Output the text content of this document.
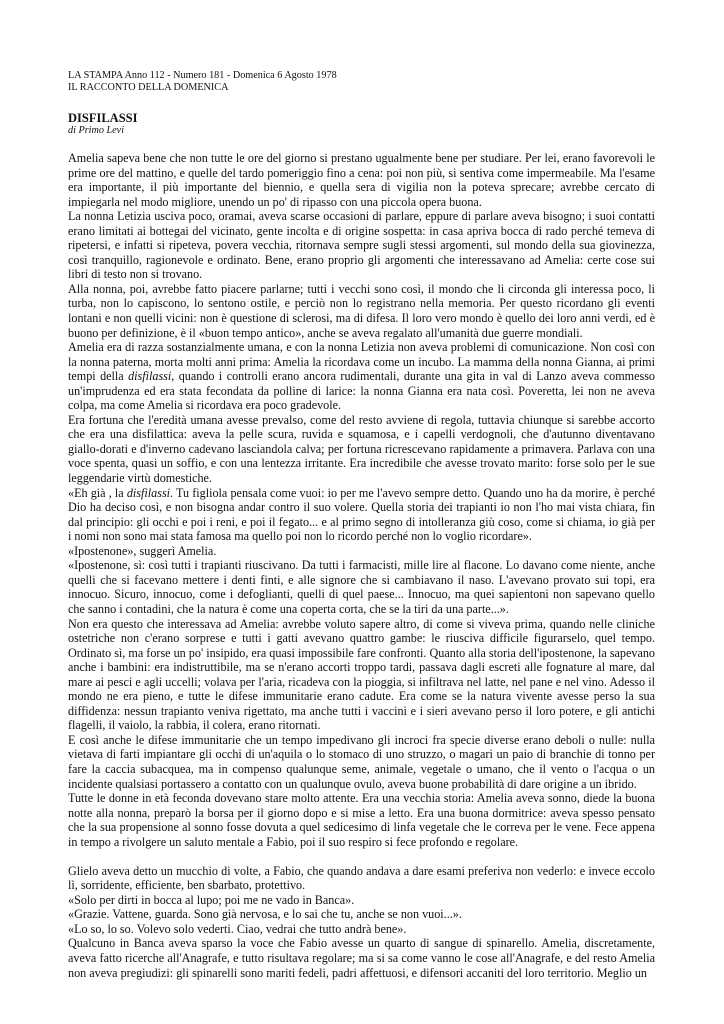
LA STAMPA Anno 112 - Numero 181 - Domenica 6 Agosto 1978

IL RACCONTO DELLA DOMENICA

DISFILASSI

di Primo Levi

Amelia sapeva bene che non tutte le ore del giorno si prestano ugualmente bene per studiare. Per lei, erano favorevoli le prime ore del mattino, e quelle del tardo pomeriggio fino a cena: poi non più, si sentiva come impermeabile. Ma l'esame era importante, il più importante del biennio, e quella sera di vigilia non la poteva sprecare; avrebbe cercato di impiegarla nel modo migliore, unendo un po' di ripasso con una piccola opera buona.

La nonna Letizia usciva poco, oramai, aveva scarse occasioni di parlare, eppure di parlare aveva bisogno; i suoi contatti erano limitati ai bottegai del vicinato, gente incolta e di origine sospetta: in casa apriva bocca di rado perché temeva di ripetersi, e infatti si ripeteva, povera vecchia, ritornava sempre sugli stessi argomenti, sul mondo della sua giovinezza, così tranquillo, ragionevole e ordinato. Bene, erano proprio gli argomenti che interessavano ad Amelia: certe cose sui libri di testo non si trovano.

Alla nonna, poi, avrebbe fatto piacere parlarne; tutti i vecchi sono così, il mondo che li circonda gli interessa poco, li turba, non lo capiscono, lo sentono ostile, e perciò non lo registrano nella memoria. Per questo ricordano gli eventi lontani e non quelli vicini: non è questione di sclerosi, ma di difesa. Il loro vero mondo è quello dei loro anni verdi, ed è buono per definizione, è il «buon tempo antico», anche se aveva regalato all'umanità due guerre mondiali.

Amelia era di razza sostanzialmente umana, e con la nonna Letizia non aveva problemi di comunicazione. Non così con la nonna paterna, morta molti anni prima: Amelia la ricordava come un incubo. La mamma della nonna Gianna, ai primi tempi della disfilassi, quando i controlli erano ancora rudimentali, durante una gita in val di Lanzo aveva commesso un'imprudenza ed era stata fecondata da polline di larice: la nonna Gianna era nata così. Poveretta, lei non ne aveva colpa, ma come Amelia si ricordava era poco gradevole.

Era fortuna che l'eredità umana avesse prevalso, come del resto avviene di regola, tuttavia chiunque si sarebbe accorto che era una disfilattica: aveva la pelle scura, ruvida e squamosa, e i capelli verdognoli, che d'autunno diventavano giallo-dorati e d'inverno cadevano lasciandola calva; per fortuna ricrescevano rapidamente a primavera. Parlava con una voce spenta, quasi un soffio, e con una lentezza irritante. Era incredibile che avesse trovato marito: forse solo per le sue leggendarie virtù domestiche.

«Eh già , la disfilassi. Tu figliola pensala come vuoi: io per me l'avevo sempre detto. Quando uno ha da morire, è perché Dio ha deciso così, e non bisogna andar contro il suo volere. Quella storia dei trapianti io non l'ho mai vista chiara, fin dal principio: gli occhi e poi i reni, e poi il fegato... e al primo segno di intolleranza giù coso, come si chiama, io già per i nomi non sono mai stata famosa ma quello poi non lo ricordo perché non lo voglio ricordare».

«Ipostenone», suggerì Amelia.

«Ipostenone, sì: così tutti i trapianti riuscivano. Da tutti i farmacisti, mille lire al flacone. Lo davano come niente, anche quelli che si facevano mettere i denti finti, e alle signore che si cambiavano il naso. L'avevano provato sui topi, era innocuo. Sicuro, innocuo, come i defoglianti, quelli di quel paese... Innocuo, ma quei sapientoni non sapevano quello che sanno i contadini, che la natura è come una coperta corta, che se la tiri da una parte...».

Non era questo che interessava ad Amelia: avrebbe voluto sapere altro, di come si viveva prima, quando nelle cliniche ostetriche non c'erano sorprese e tutti i gatti avevano quattro gambe: le riusciva difficile figurarselo, quel tempo. Ordinato sì, ma forse un po' insipido, era quasi impossibile fare confronti. Quanto alla storia dell'ipostenone, la sapevano anche i bambini: era indistruttibile, ma se n'erano accorti troppo tardi, passava dagli escreti alle fognature al mare, dal mare ai pesci e agli uccelli; volava per l'aria, ricadeva con la pioggia, si infiltrava nel latte, nel pane e nel vino. Adesso il mondo ne era pieno, e tutte le difese immunitarie erano cadute. Era come se la natura vivente avesse perso la sua diffidenza: nessun trapianto veniva rigettato, ma anche tutti i vaccini e i sieri avevano perso il loro potere, e gli antichi flagelli, il vaiolo, la rabbia, il colera, erano ritornati.

E così anche le difese immunitarie che un tempo impedivano gli incroci fra specie diverse erano deboli o nulle: nulla vietava di farti impiantare gli occhi di un'aquila o lo stomaco di uno struzzo, o magari un paio di branchie di tonno per fare la caccia subacquea, ma in compenso qualunque seme, animale, vegetale o umano, che il vento o l'acqua o un incidente qualsiasi portassero a contatto con un qualunque ovulo, aveva buone probabilità di dare origine a un ibrido.

Tutte le donne in età feconda dovevano stare molto attente. Era una vecchia storia: Amelia aveva sonno, diede la buona notte alla nonna, preparò la borsa per il giorno dopo e si mise a letto. Era una buona dormitrice: aveva spesso pensato che la sua propensione al sonno fosse dovuta a quel sedicesimo di linfa vegetale che le correva per le vene. Fece appena in tempo a rivolgere un saluto mentale a Fabio, poi il suo respiro si fece profondo e regolare.

Glielo aveva detto un mucchio di volte, a Fabio, che quando andava a dare esami preferiva non vederlo: e invece eccolo lì, sorridente, efficiente, ben sbarbato, protettivo.

«Solo per dirti in bocca al lupo; poi me ne vado in Banca».

«Grazie. Vattene, guarda. Sono già nervosa, e lo sai che tu, anche se non vuoi...».

«Lo so, lo so. Volevo solo vederti. Ciao, vedrai che tutto andrà bene».

Qualcuno in Banca aveva sparso la voce che Fabio avesse un quarto di sangue di spinarello. Amelia, discretamente, aveva fatto ricerche all'Anagrafe, e tutto risultava regolare; ma si sa come vanno le cose all'Anagrafe, e del resto Amelia non aveva pregiudizi: gli spinarelli sono mariti fedeli, padri affettuosi, e difensori accaniti del loro territorio. Meglio un
